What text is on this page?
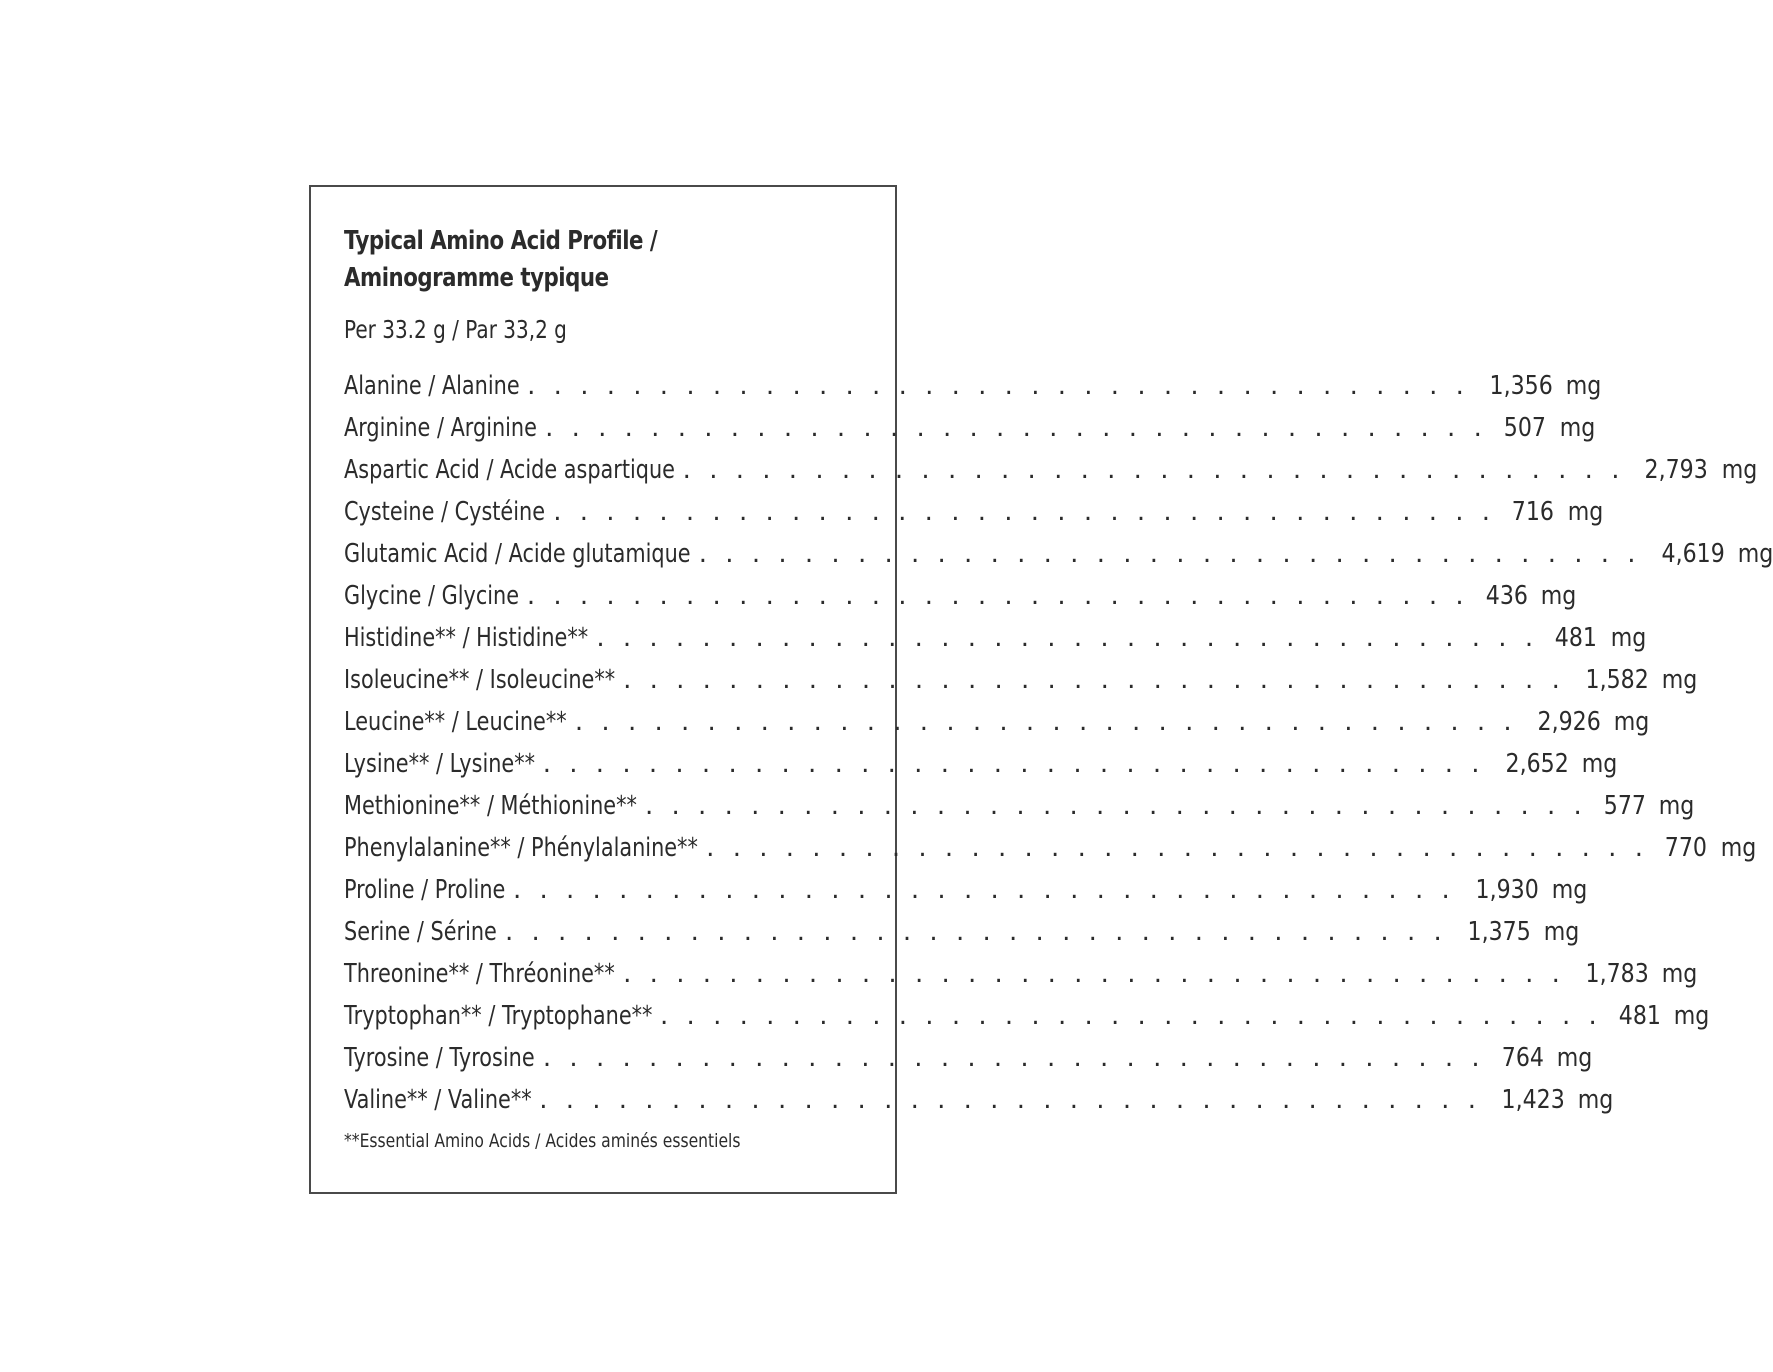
Typical Amino Acid Profile /
Aminogramme typique
Per 33.2 g / Par 33,2 g
Alanine / Alanine . . . . . . . . . . . . . . . . . . . . . . . . . . . . . . . . . . . . 1,356 mg
Arginine / Arginine . . . . . . . . . . . . . . . . . . . . . . . . . . . . . . . . . . . . 507 mg
Aspartic Acid / Acide aspartique . . . . . . . . . . . . . . . . . . . . . . . . . . . . . . . . . . . . 2,793 mg
Cysteine / Cystéine . . . . . . . . . . . . . . . . . . . . . . . . . . . . . . . . . . . . 716 mg
Glutamic Acid / Acide glutamique . . . . . . . . . . . . . . . . . . . . . . . . . . . . . . . . . . . . 4,619 mg
Glycine / Glycine . . . . . . . . . . . . . . . . . . . . . . . . . . . . . . . . . . . . 436 mg
Histidine** / Histidine** . . . . . . . . . . . . . . . . . . . . . . . . . . . . . . . . . . . . 481 mg
Isoleucine** / Isoleucine** . . . . . . . . . . . . . . . . . . . . . . . . . . . . . . . . . . . . 1,582 mg
Leucine** / Leucine** . . . . . . . . . . . . . . . . . . . . . . . . . . . . . . . . . . . . 2,926 mg
Lysine** / Lysine** . . . . . . . . . . . . . . . . . . . . . . . . . . . . . . . . . . . . 2,652 mg
Methionine** / Méthionine** . . . . . . . . . . . . . . . . . . . . . . . . . . . . . . . . . . . . 577 mg
Phenylalanine** / Phénylalanine** . . . . . . . . . . . . . . . . . . . . . . . . . . . . . . . . . . . . 770 mg
Proline / Proline . . . . . . . . . . . . . . . . . . . . . . . . . . . . . . . . . . . . 1,930 mg
Serine / Sérine . . . . . . . . . . . . . . . . . . . . . . . . . . . . . . . . . . . . 1,375 mg
Threonine** / Thréonine** . . . . . . . . . . . . . . . . . . . . . . . . . . . . . . . . . . . . 1,783 mg
Tryptophan** / Tryptophane** . . . . . . . . . . . . . . . . . . . . . . . . . . . . . . . . . . . . 481 mg
Tyrosine / Tyrosine . . . . . . . . . . . . . . . . . . . . . . . . . . . . . . . . . . . . 764 mg
Valine** / Valine** . . . . . . . . . . . . . . . . . . . . . . . . . . . . . . . . . . . . 1,423 mg
**Essential Amino Acids / Acides aminés essentiels
